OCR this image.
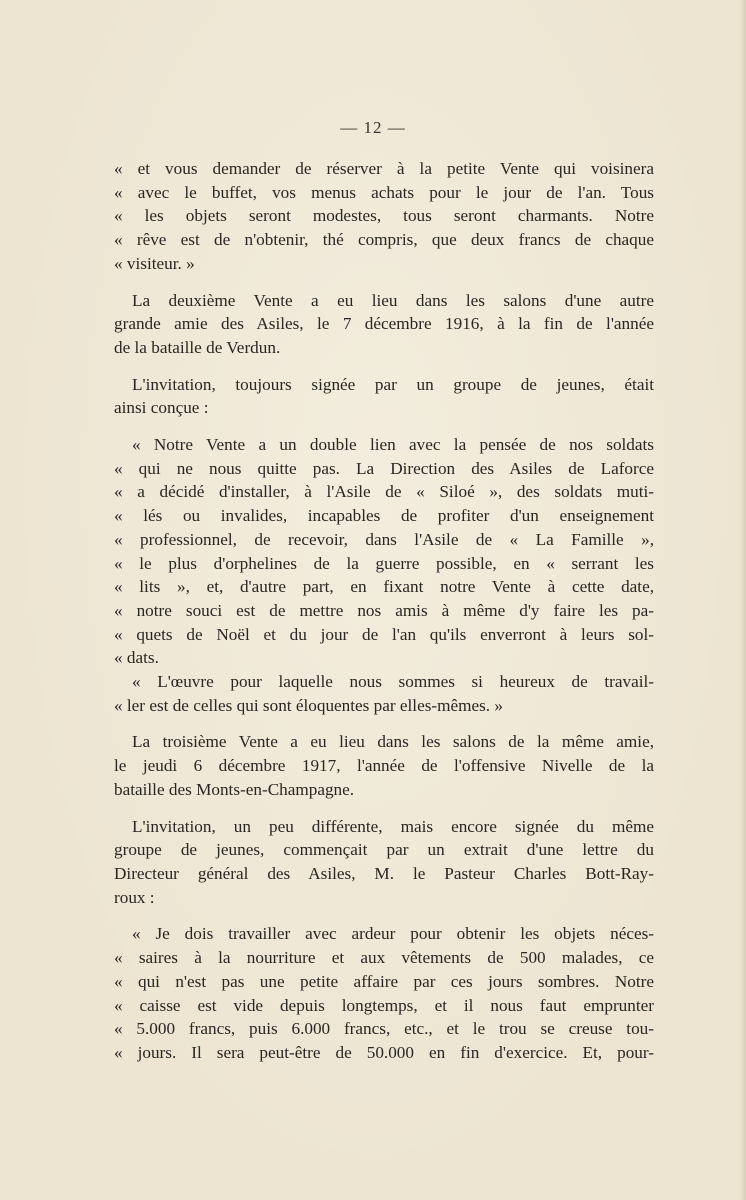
— 12 —
« et vous demander de réserver à la petite Vente qui voisinera
« avec le buffet, vos menus achats pour le jour de l'an. Tous
« les objets seront modestes, tous seront charmants. Notre
« rêve est de n'obtenir, thé compris, que deux francs de chaque
« visiteur. »
La deuxième Vente a eu lieu dans les salons d'une autre
grande amie des Asiles, le 7 décembre 1916, à la fin de l'année
de la bataille de Verdun.
L'invitation, toujours signée par un groupe de jeunes, était
ainsi conçue :
« Notre Vente a un double lien avec la pensée de nos soldats
« qui ne nous quitte pas. La Direction des Asiles de Laforce
« a décidé d'installer, à l'Asile de « Siloé », des soldats muti-
« lés ou invalides, incapables de profiter d'un enseignement
« professionnel, de recevoir, dans l'Asile de « La Famille »,
« le plus d'orphelines de la guerre possible, en « serrant les
« lits », et, d'autre part, en fixant notre Vente à cette date,
« notre souci est de mettre nos amis à même d'y faire les pa-
« quets de Noël et du jour de l'an qu'ils enverront à leurs sol-
« dats.
« L'œuvre pour laquelle nous sommes si heureux de travail-
« ler est de celles qui sont éloquentes par elles-mêmes. »
La troisième Vente a eu lieu dans les salons de la même amie,
le jeudi 6 décembre 1917, l'année de l'offensive Nivelle de la
bataille des Monts-en-Champagne.
L'invitation, un peu différente, mais encore signée du même
groupe de jeunes, commençait par un extrait d'une lettre du
Directeur général des Asiles, M. le Pasteur Charles Bott-Ray-
roux :
« Je dois travailler avec ardeur pour obtenir les objets néces-
« saires à la nourriture et aux vêtements de 500 malades, ce
« qui n'est pas une petite affaire par ces jours sombres. Notre
« caisse est vide depuis longtemps, et il nous faut emprunter
« 5.000 francs, puis 6.000 francs, etc., et le trou se creuse tou-
« jours. Il sera peut-être de 50.000 en fin d'exercice. Et, pour-
